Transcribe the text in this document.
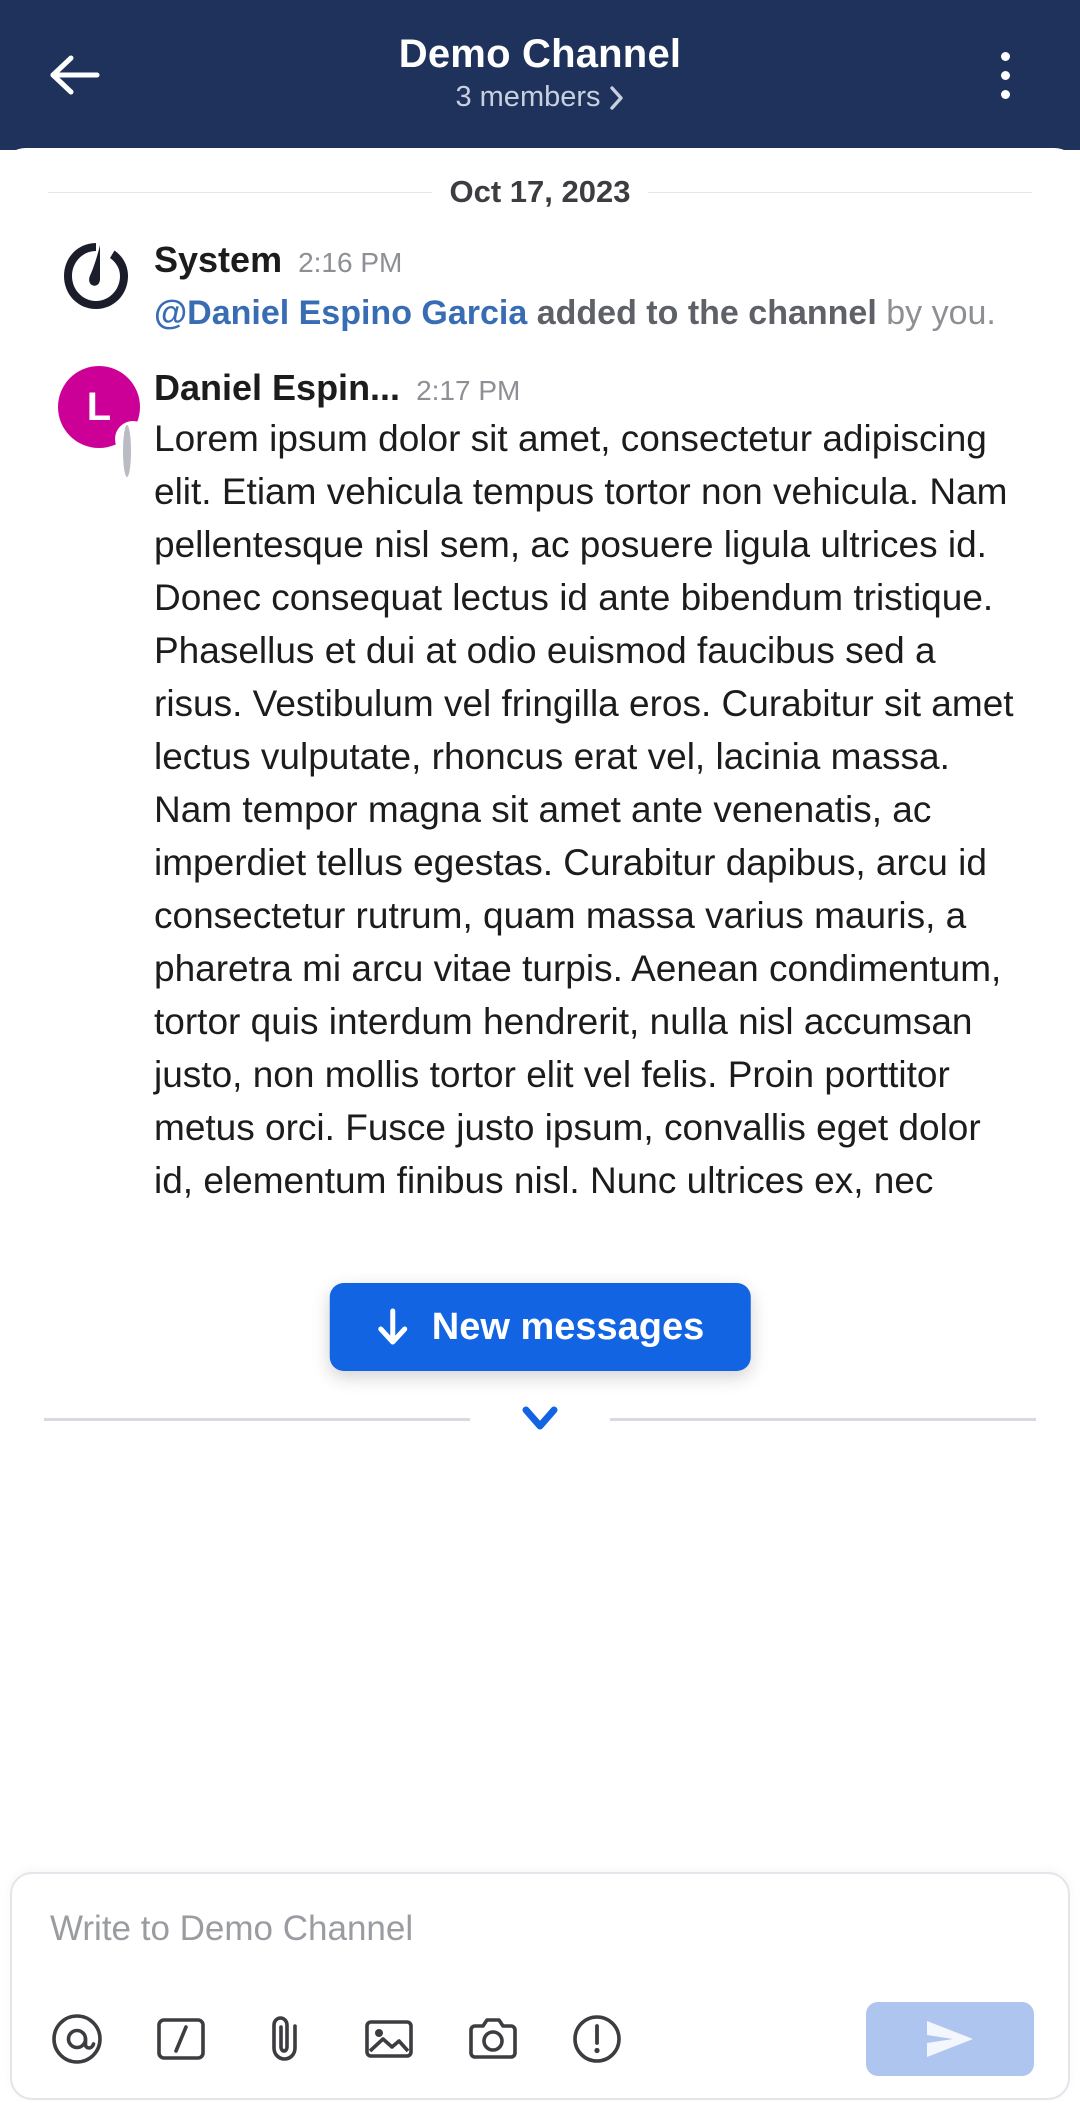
Demo Channel
3 members
Oct 17, 2023
System 2:16 PM
@Daniel Espino Garcia added to the channel by you.
L Daniel Espin... 2:17 PM
Lorem ipsum dolor sit amet, consectetur adipiscing elit. Etiam vehicula tempus tortor non vehicula. Nam pellentesque nisl sem, ac posuere ligula ultrices id. Donec consequat lectus id ante bibendum tristique. Phasellus et dui at odio euismod faucibus sed a risus. Vestibulum vel fringilla eros. Curabitur sit amet lectus vulputate, rhoncus erat vel, lacinia massa. Nam tempor magna sit amet ante venenatis, ac imperdiet tellus egestas. Curabitur dapibus, arcu id consectetur rutrum, quam massa varius mauris, a pharetra mi arcu vitae turpis. Aenean condimentum, tortor quis interdum hendrerit, nulla nisl accumsan justo, non mollis tortor elit vel felis. Proin porttitor metus orci. Fusce justo ipsum, convallis eget dolor id, elementum finibus nisl. Nunc ultrices ex, nec
New messages
Write to Demo Channel
